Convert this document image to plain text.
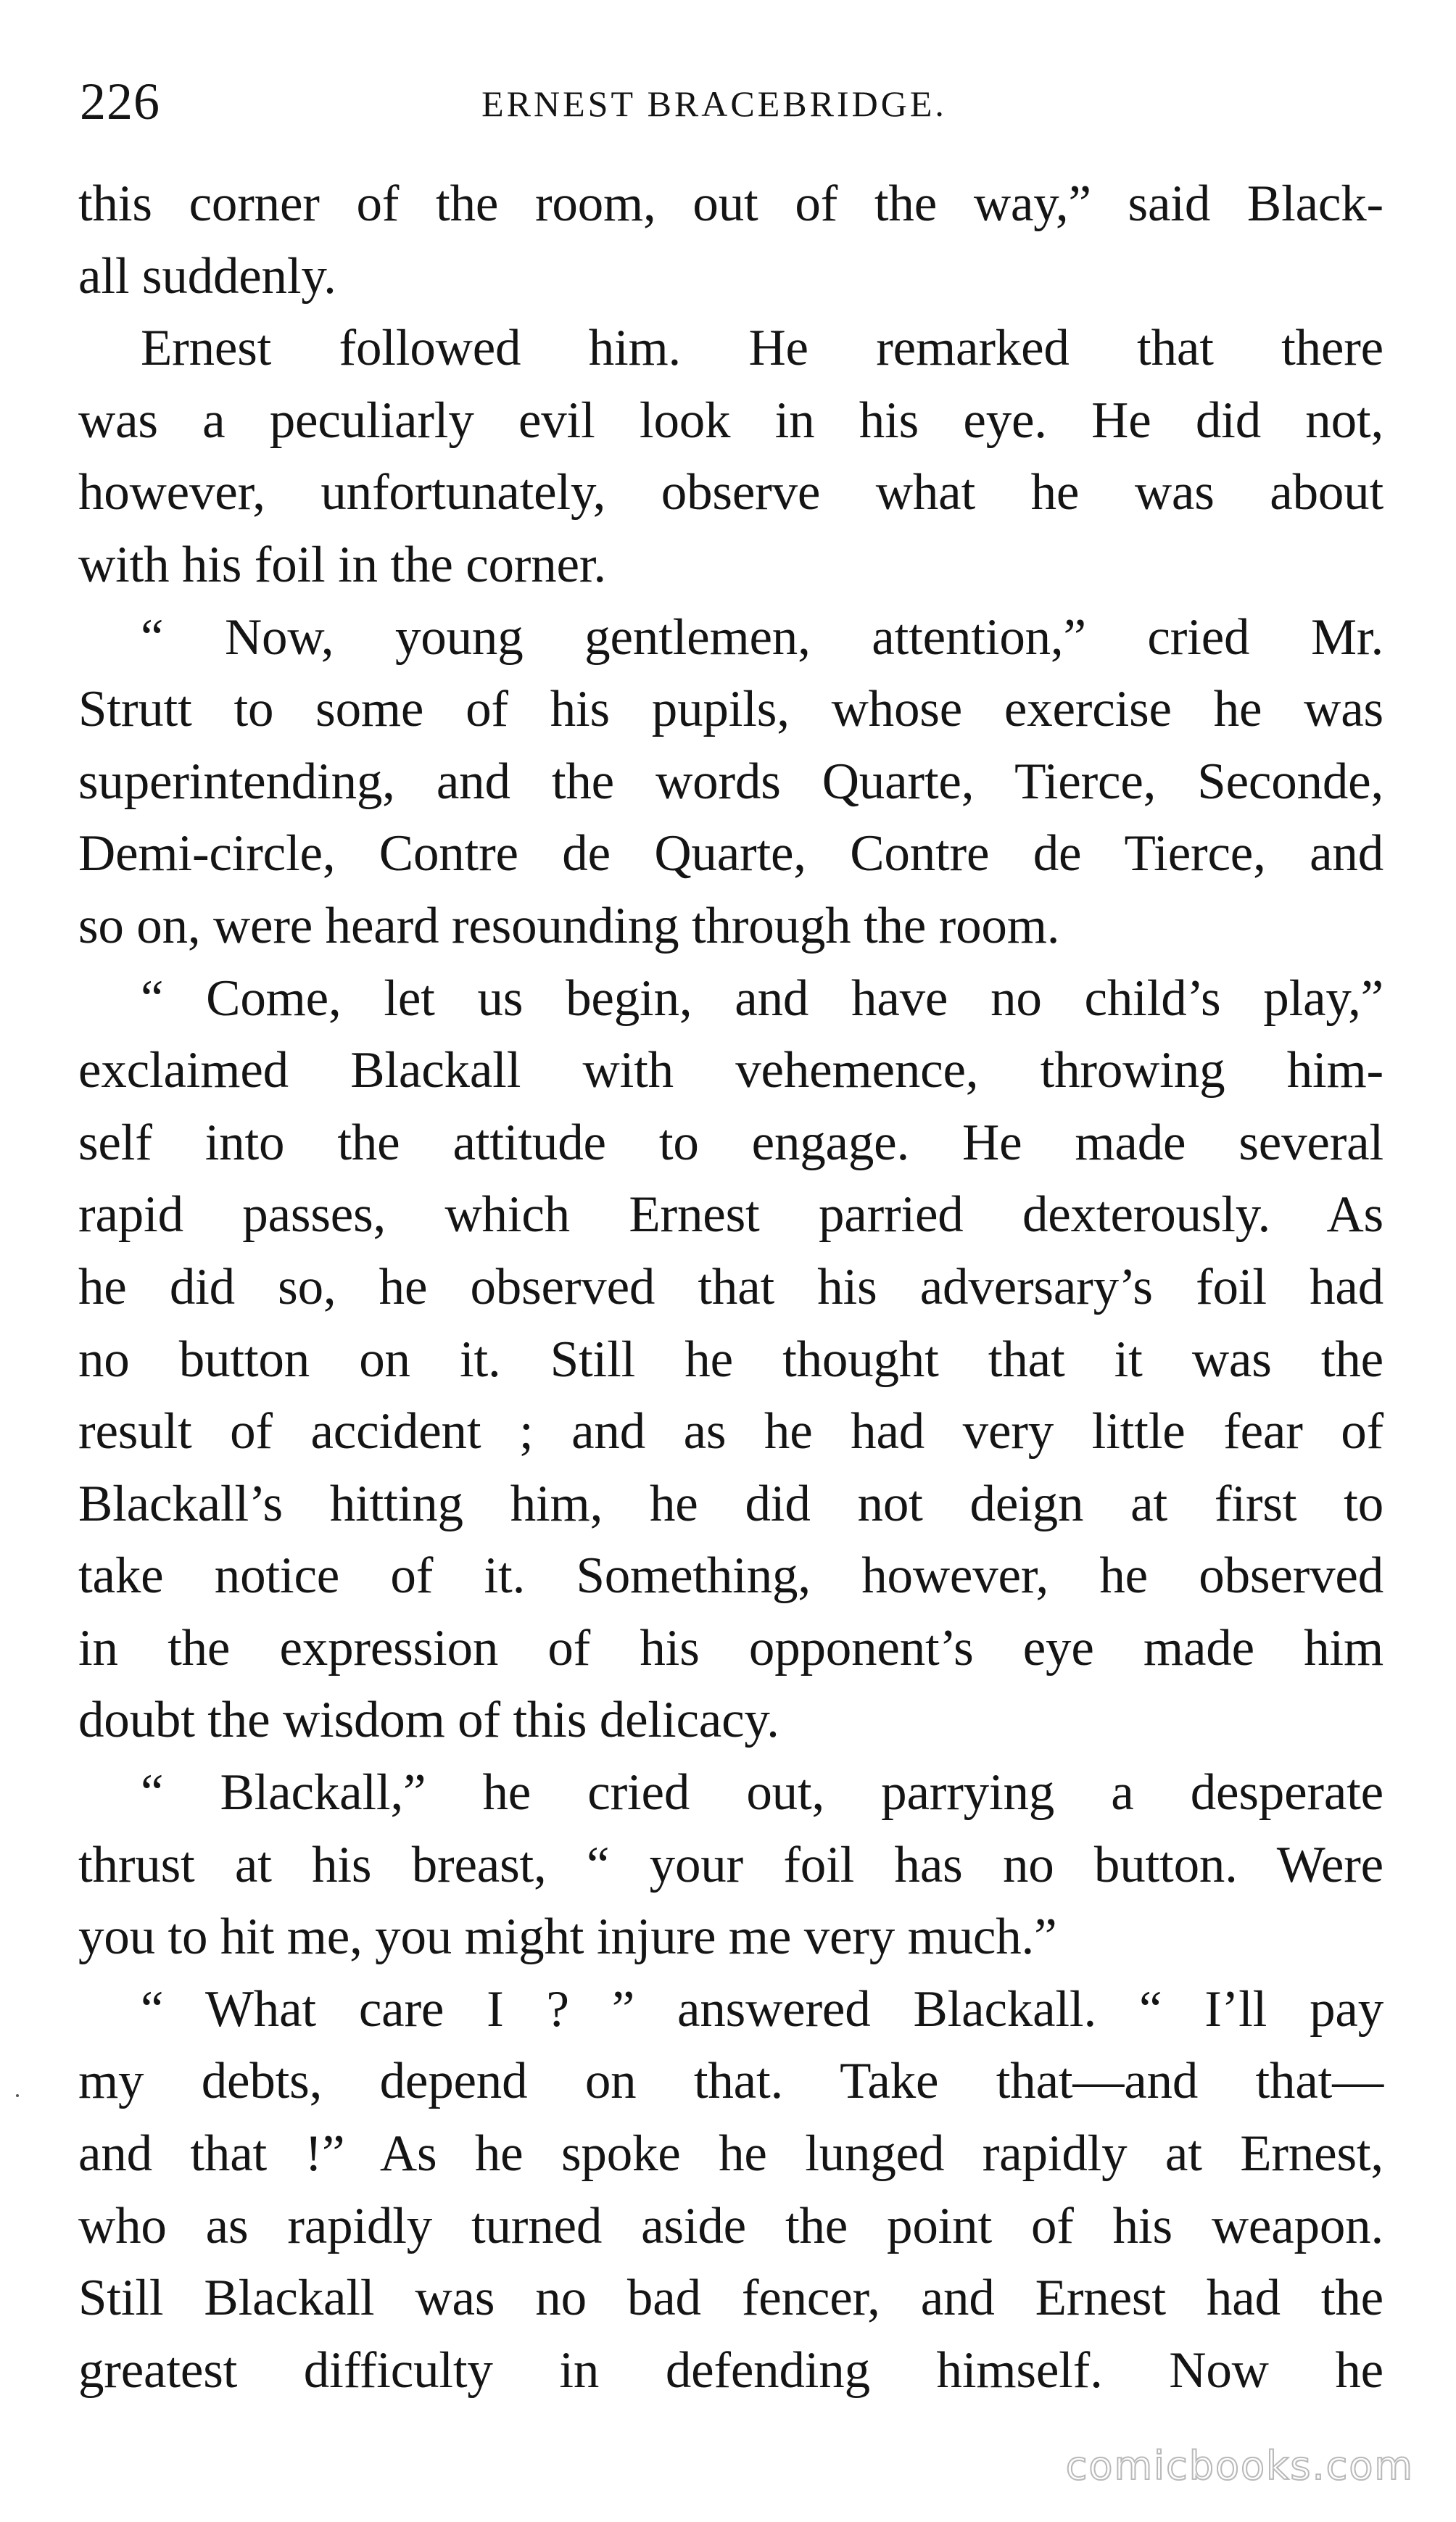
226	ERNEST BRACEBRIDGE.
this corner of the room, out of the way,” said Black-
all suddenly.
Ernest followed him. He remarked that there
was a peculiarly evil look in his eye. He did not,
however, unfortunately, observe what he was about
with his foil in the corner.
“ Now, young gentlemen, attention,” cried Mr.
Strutt to some of his pupils, whose exercise he was
superintending, and the words Quarte, Tierce, Seconde,
Demi-circle, Contre de Quarte, Contre de Tierce, and
so on, were heard resounding through the room.
“ Come, let us begin, and have no child’s play,”
exclaimed Blackall with vehemence, throwing him-
self into the attitude to engage. He made several
rapid passes, which Ernest parried dexterously. As
he did so, he observed that his adversary’s foil had
no button on it. Still he thought that it was the
result of accident ; and as he had very little fear of
Blackall’s hitting him, he did not deign at first to
take notice of it. Something, however, he observed
in the expression of his opponent’s eye made him
doubt the wisdom of this delicacy.
“ Blackall,” he cried out, parrying a desperate
thrust at his breast, “ your foil has no button. Were
you to hit me, you might injure me very much.”
“ What care I ? ” answered Blackall. “ I’ll pay
my debts, depend on that. Take that—and that—
and that !” As he spoke he lunged rapidly at Ernest,
who as rapidly turned aside the point of his weapon.
Still Blackall was no bad fencer, and Ernest had the
greatest difficulty in defending himself. Now he
comicbooks.com
